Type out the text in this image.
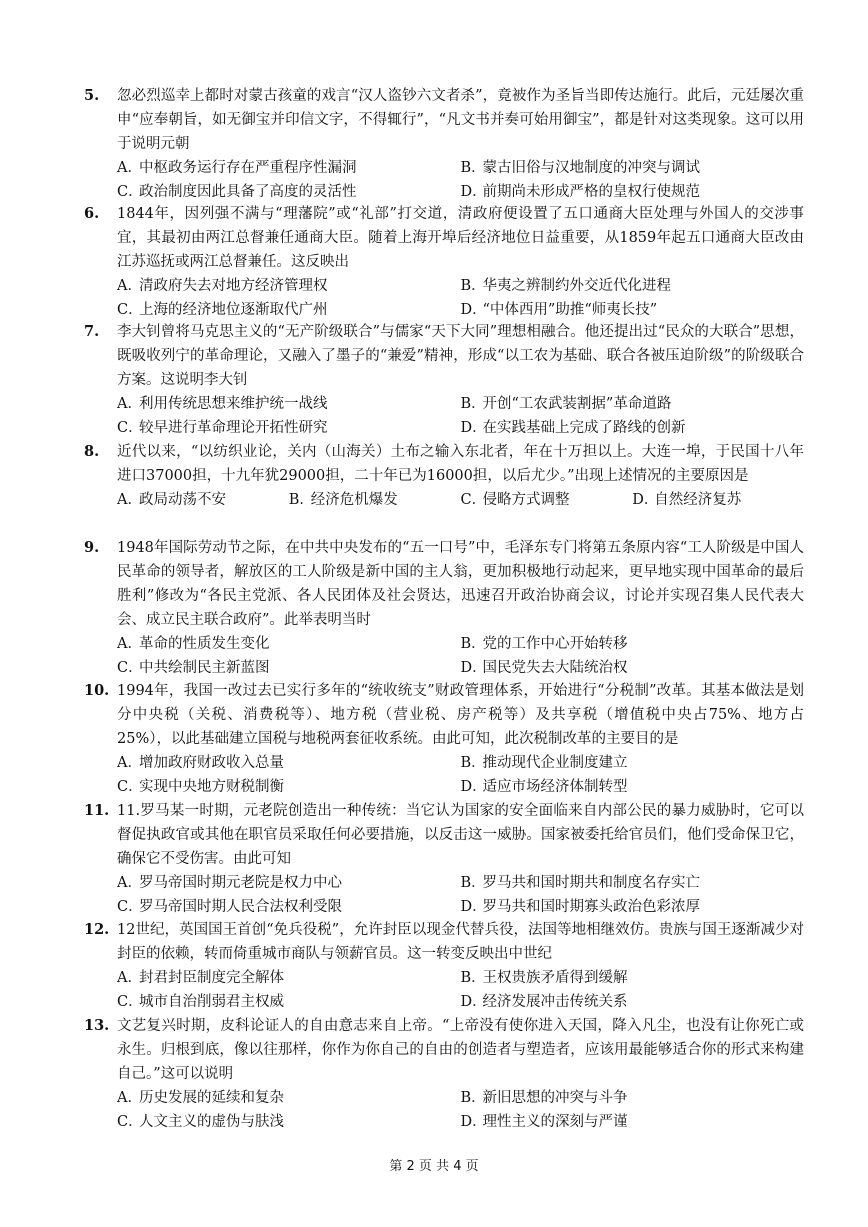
5. 忽必烈巡幸上都时对蒙古孩童的戏言“汉人盗钞六文者杀”，竟被作为圣旨当即传达施行。此后，元廷屡次重申“应奉朝旨，如无御宝并印信文字，不得辄行”，“凡文书并奏可始用御宝”，都是针对这类现象。这可以用于说明元朝
A．中枢政务运行存在严重程序性漏洞	B．蒙古旧俗与汉地制度的冲突与调试
C．政治制度因此具备了高度的灵活性	D．前期尚未形成严格的皇权行使规范
6. 1844年，因列强不满与“理藩院”或“礼部”打交道，清政府便设置了五口通商大臣处理与外国人的交涉事宜，其最初由两江总督兼任通商大臣。随着上海开埠后经济地位日益重要，从1859年起五口通商大臣改由江苏巡抚或两江总督兼任。这反映出
A．清政府失去对地方经济管理权	B．华夷之辨制约外交近代化进程
C．上海的经济地位逐渐取代广州	D．“中体西用”助推“师夷长技”
7. 李大钊曾将马克思主义的“无产阶级联合”与儒家“天下大同”理想相融合。他还提出过“民众的大联合”思想，既吸收列宁的革命理论，又融入了墨子的“兼爱”精神，形成“以工农为基础、联合各被压迫阶级”的阶级联合方案。这说明李大钊
A．利用传统思想来维护统一战线	B．开创“工农武装割据”革命道路
C．较早进行革命理论开拓性研究	D．在实践基础上完成了路线的创新
8. 近代以来，“以纺织业论，关内（山海关）土布之输入东北者，年在十万担以上。大连一埠，于民国十八年进口37000担，十九年犹29000担，二十年已为16000担，以后尤少。”出现上述情况的主要原因是
A．政局动荡不安	B．经济危机爆发	C．侵略方式调整	D．自然经济复苏
9. 1948年国际劳动节之际，在中共中央发布的“五一口号”中，毛泽东专门将第五条原内容“工人阶级是中国人民革命的领导者，解放区的工人阶级是新中国的主人翁，更加积极地行动起来，更早地实现中国革命的最后胜利”修改为“各民主党派、各人民团体及社会贤达，迅速召开政治协商会议，讨论并实现召集人民代表大会、成立民主联合政府”。此举表明当时
A．革命的性质发生变化	B．党的工作中心开始转移
C．中共绘制民主新蓝图	D．国民党失去大陆统治权
10. 1994年，我国一改过去已实行多年的“统收统支”财政管理体系，开始进行“分税制”改革。其基本做法是划分中央税（关税、消费税等）、地方税（营业税、房产税等）及共享税（增值税中央占75%、地方占25%），以此基础建立国税与地税两套征收系统。由此可知，此次税制改革的主要目的是
A．增加政府财政收入总量	B．推动现代企业制度建立
C．实现中央地方财税制衡	D．适应市场经济体制转型
11. 11.罗马某一时期，元老院创造出一种传统：当它认为国家的安全面临来自内部公民的暴力威胁时，它可以督促执政官或其他在职官员采取任何必要措施，以反击这一威胁。国家被委托给官员们，他们受命保卫它，确保它不受伤害。由此可知
A．罗马帝国时期元老院是权力中心	B．罗马共和国时期共和制度名存实亡
C．罗马帝国时期人民合法权利受限	D．罗马共和国时期寡头政治色彩浓厚
12. 12世纪，英国国王首创“免兵役税”，允许封臣以现金代替兵役，法国等地相继效仿。贵族与国王逐渐减少对封臣的依赖，转而倚重城市商队与领薪官员。这一转变反映出中世纪
A．封君封臣制度完全解体	B．王权贵族矛盾得到缓解
C．城市自治削弱君主权威	D．经济发展冲击传统关系
13. 文艺复兴时期，皮科论证人的自由意志来自上帝。“上帝没有使你进入天国，降入凡尘，也没有让你死亡或永生。归根到底，像以往那样，你作为你自己的自由的创造者与塑造者，应该用最能够适合你的形式来构建自己。”这可以说明
A．历史发展的延续和复杂	B．新旧思想的冲突与斗争
C．人文主义的虚伪与肤浅	D．理性主义的深刻与严谨
第 2 页 共 4 页
